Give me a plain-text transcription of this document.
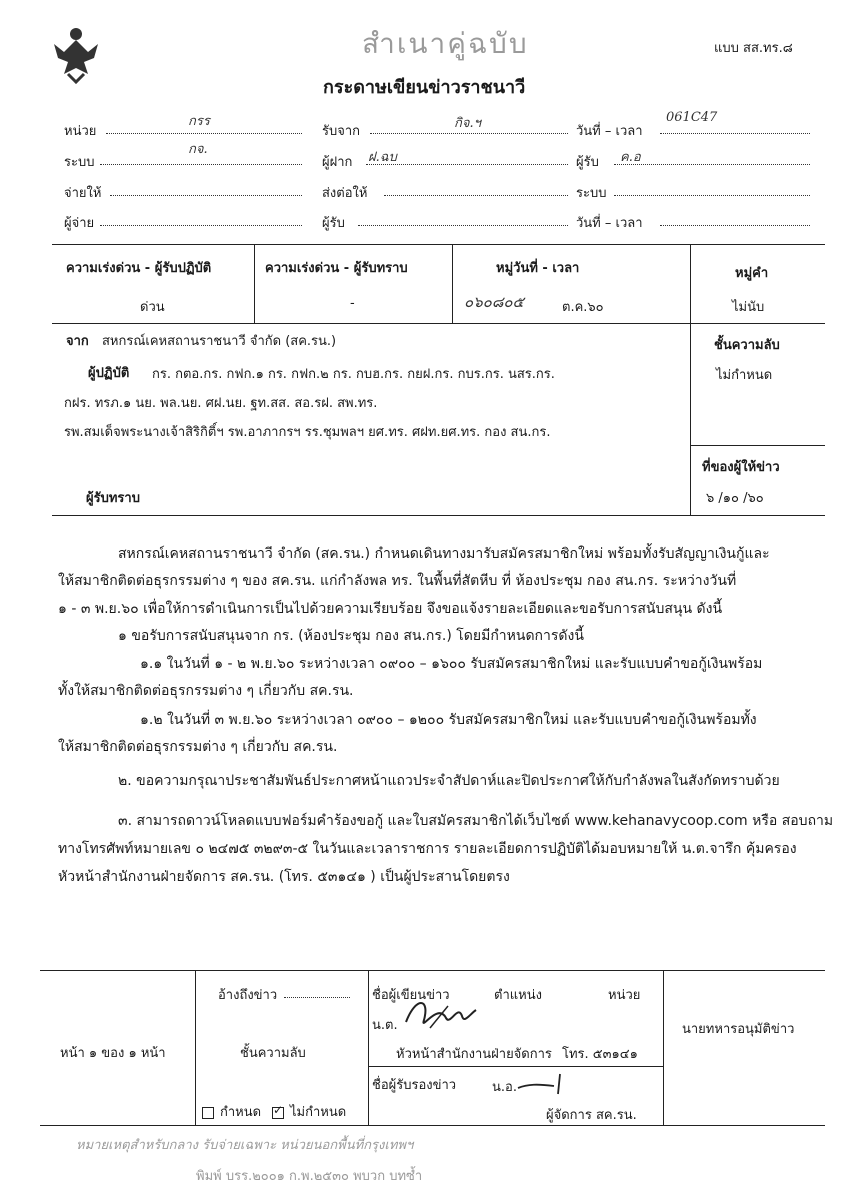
สำเนาคู่ฉบับ	แบบ สส.ทร.๘
กระดาษเขียนข่าวราชนาวี
หน่วย
กรร
รับจาก
กิจ.ฯ
วันที่ – เวลา
061C47
ระบบ
กจ.
ผู้ฝาก ฝ.ฉบ	ผู้รับ ค.อ
จ่ายให้	ส่งต่อให้	ระบบ
ผู้จ่าย	ผู้รับ	วันที่ – เวลา
ความเร่งด่วน - ผู้รับปฏิบัติ	ความเร่งด่วน - ผู้รับทราบ	หมู่วันที่ - เวลา	หมู่คำ
ด่วน	-	๐๖๐๘๐๕	ต.ค.๖๐	ไม่นับ
จาก สหกรณ์เคหสถานราชนาวี จำกัด (สค.รน.)	ชั้นความลับ
ไม่กำหนด
ผู้ปฏิบัติ กร. กตอ.กร. กฟก.๑ กร. กฟก.๒ กร. กบฮ.กร. กยฝ.กร. กบร.กร. นสร.กร.
กฝร. ทรภ.๑ นย. พล.นย. ศฝ.นย. ฐท.สส. สอ.รฝ. สพ.ทร.
รพ.สมเด็จพระนางเจ้าสิริกิติ์ฯ รพ.อาภากรฯ รร.ชุมพลฯ ยศ.ทร. ศฝท.ยศ.ทร. กอง สน.กร.
ที่ของผู้ให้ข่าว
๖ /๑๐ /๖๐
ผู้รับทราบ
สหกรณ์เคหสถานราชนาวี จำกัด (สค.รน.) กำหนดเดินทางมารับสมัครสมาชิกใหม่ พร้อมทั้งรับสัญญาเงินกู้และ
ให้สมาชิกติดต่อธุรกรรมต่าง ๆ ของ สค.รน. แก่กำลังพล ทร. ในพื้นที่สัตหีบ ที่ ห้องประชุม กอง สน.กร. ระหว่างวันที่
๑ - ๓ พ.ย.๖๐ เพื่อให้การดำเนินการเป็นไปด้วยความเรียบร้อย จึงขอแจ้งรายละเอียดและขอรับการสนับสนุน ดังนี้
๑ ขอรับการสนับสนุนจาก กร. (ห้องประชุม กอง สน.กร.) โดยมีกำหนดการดังนี้
๑.๑ ในวันที่ ๑ - ๒ พ.ย.๖๐ ระหว่างเวลา ๐๙๐๐ – ๑๖๐๐ รับสมัครสมาชิกใหม่ และรับแบบคำขอกู้เงินพร้อม
ทั้งให้สมาชิกติดต่อธุรกรรมต่าง ๆ เกี่ยวกับ สค.รน.
๑.๒ ในวันที่ ๓ พ.ย.๖๐ ระหว่างเวลา ๐๙๐๐ – ๑๒๐๐ รับสมัครสมาชิกใหม่ และรับแบบคำขอกู้เงินพร้อมทั้ง
ให้สมาชิกติดต่อธุรกรรมต่าง ๆ เกี่ยวกับ สค.รน.
๒. ขอความกรุณาประชาสัมพันธ์ประกาศหน้าแถวประจำสัปดาห์และปิดประกาศให้กับกำลังพลในสังกัดทราบด้วย
๓. สามารถดาวน์โหลดแบบฟอร์มคำร้องขอกู้ และใบสมัครสมาชิกได้เว็บไซต์ www.kehanavycoop.com หรือ สอบถาม
ทางโทรศัพท์หมายเลข ๐ ๒๔๗๕ ๓๒๙๓-๕ ในวันและเวลาราชการ รายละเอียดการปฏิบัติได้มอบหมายให้ น.ต.จารึก คุ้มครอง
หัวหน้าสำนักงานฝ่ายจัดการ สค.รน. (โทร. ๕๓๑๔๑ ) เป็นผู้ประสานโดยตรง
หน้า ๑ ของ ๑ หน้า
อ้างถึงข่าว
ชั้นความลับ
กำหนด
✓	ไม่กำหนด
ชื่อผู้เขียนข่าว	ตำแหน่ง	หน่วย
น.ต.
หัวหน้าสำนักงานฝ่ายจัดการ โทร. ๕๓๑๔๑
ชื่อผู้รับรองข่าว	น.อ.
ผู้จัดการ สค.รน.
นายทหารอนุมัติข่าว
หมายเหตุสำหรับกลาง รับจ่ายเฉพาะ หน่วยนอกพื้นที่กรุงเทพฯ
พิมพ์ บรร.๒๐๐๑ ก.พ.๒๕๓๐ พบวก บทซ้ำ
